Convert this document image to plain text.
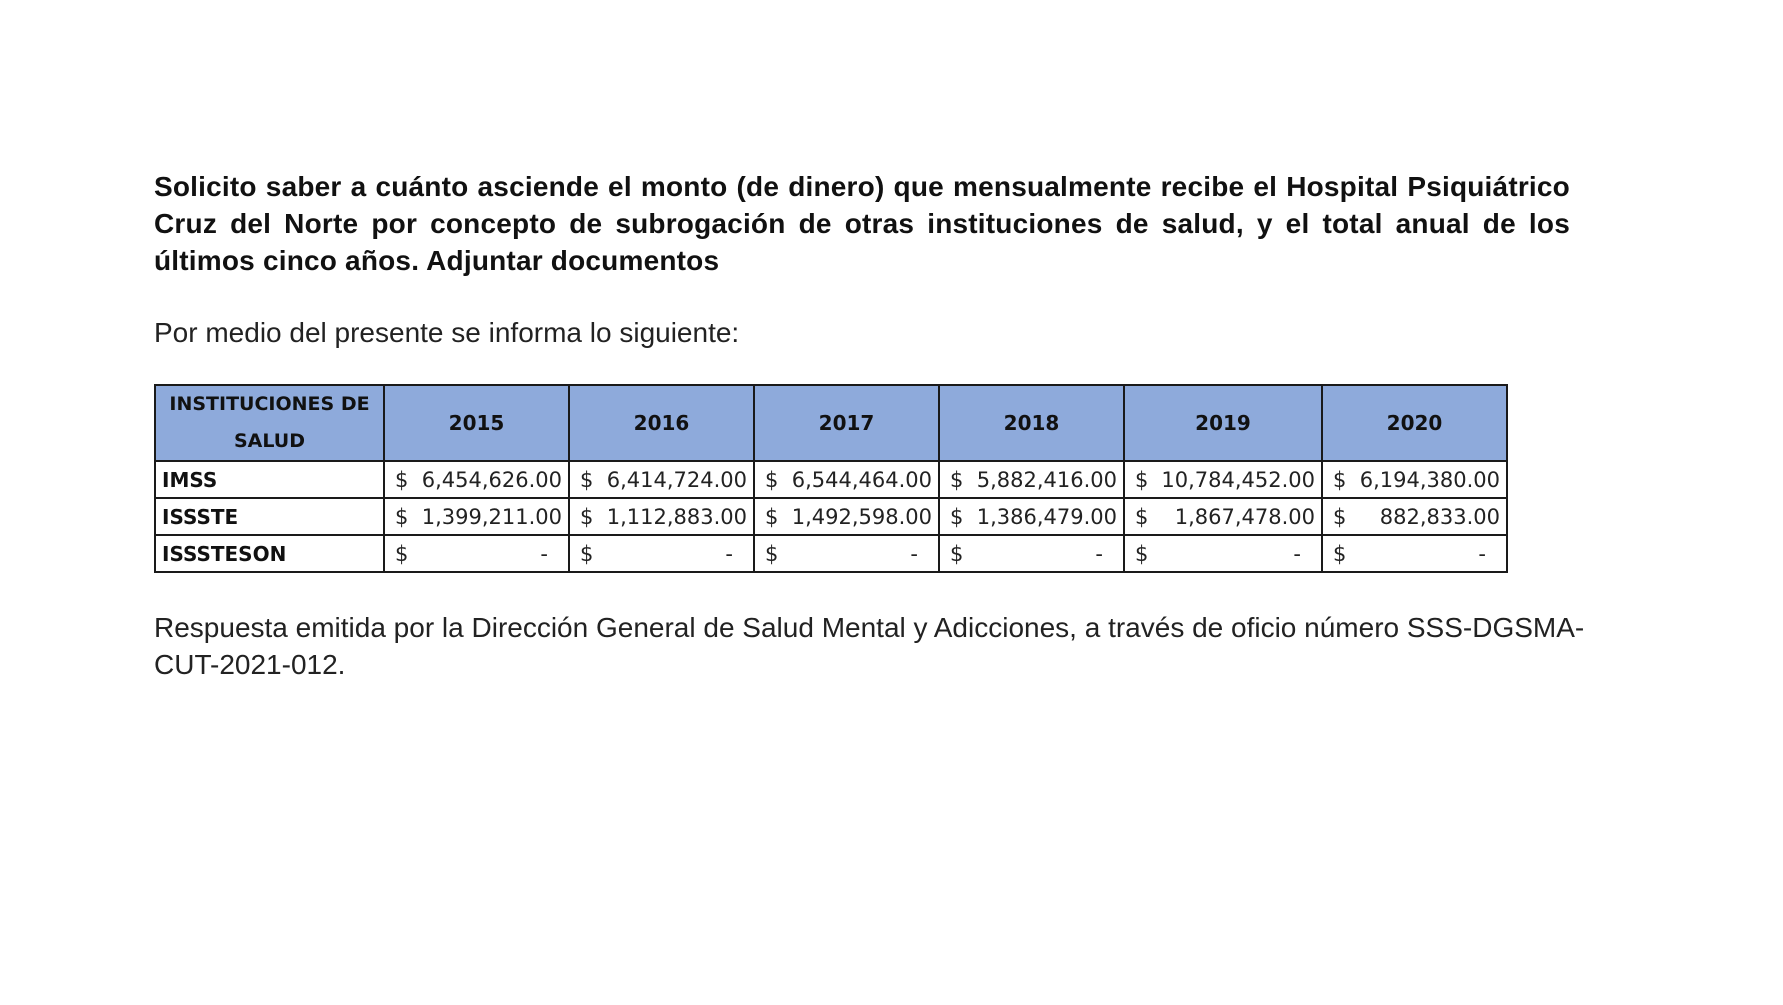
Solicito saber a cuánto asciende el monto (de dinero) que mensualmente recibe el Hospital Psiquiátrico Cruz del Norte por concepto de subrogación de otras instituciones de salud, y el total anual de los últimos cinco años. Adjuntar documentos

Por medio del presente se informa lo siguiente:

INSTITUCIONES DE SALUD	2015	2016	2017	2018	2019	2020
IMSS	$ 6,454,626.00	$ 6,414,724.00	$ 6,544,464.00	$ 5,882,416.00	$ 10,784,452.00	$ 6,194,380.00

ISSSTE	$ 1,399,211.00	$ 1,112,883.00	$ 1,492,598.00	$ 1,386,479.00	$ 1,867,478.00	$ 882,833.00

ISSSTESON	$ -	$ -	$ -	$ -	$ -	$ -

Respuesta emitida por la Dirección General de Salud Mental y Adicciones, a través de oficio número SSS-DGSMA-CUT-2021-012.
